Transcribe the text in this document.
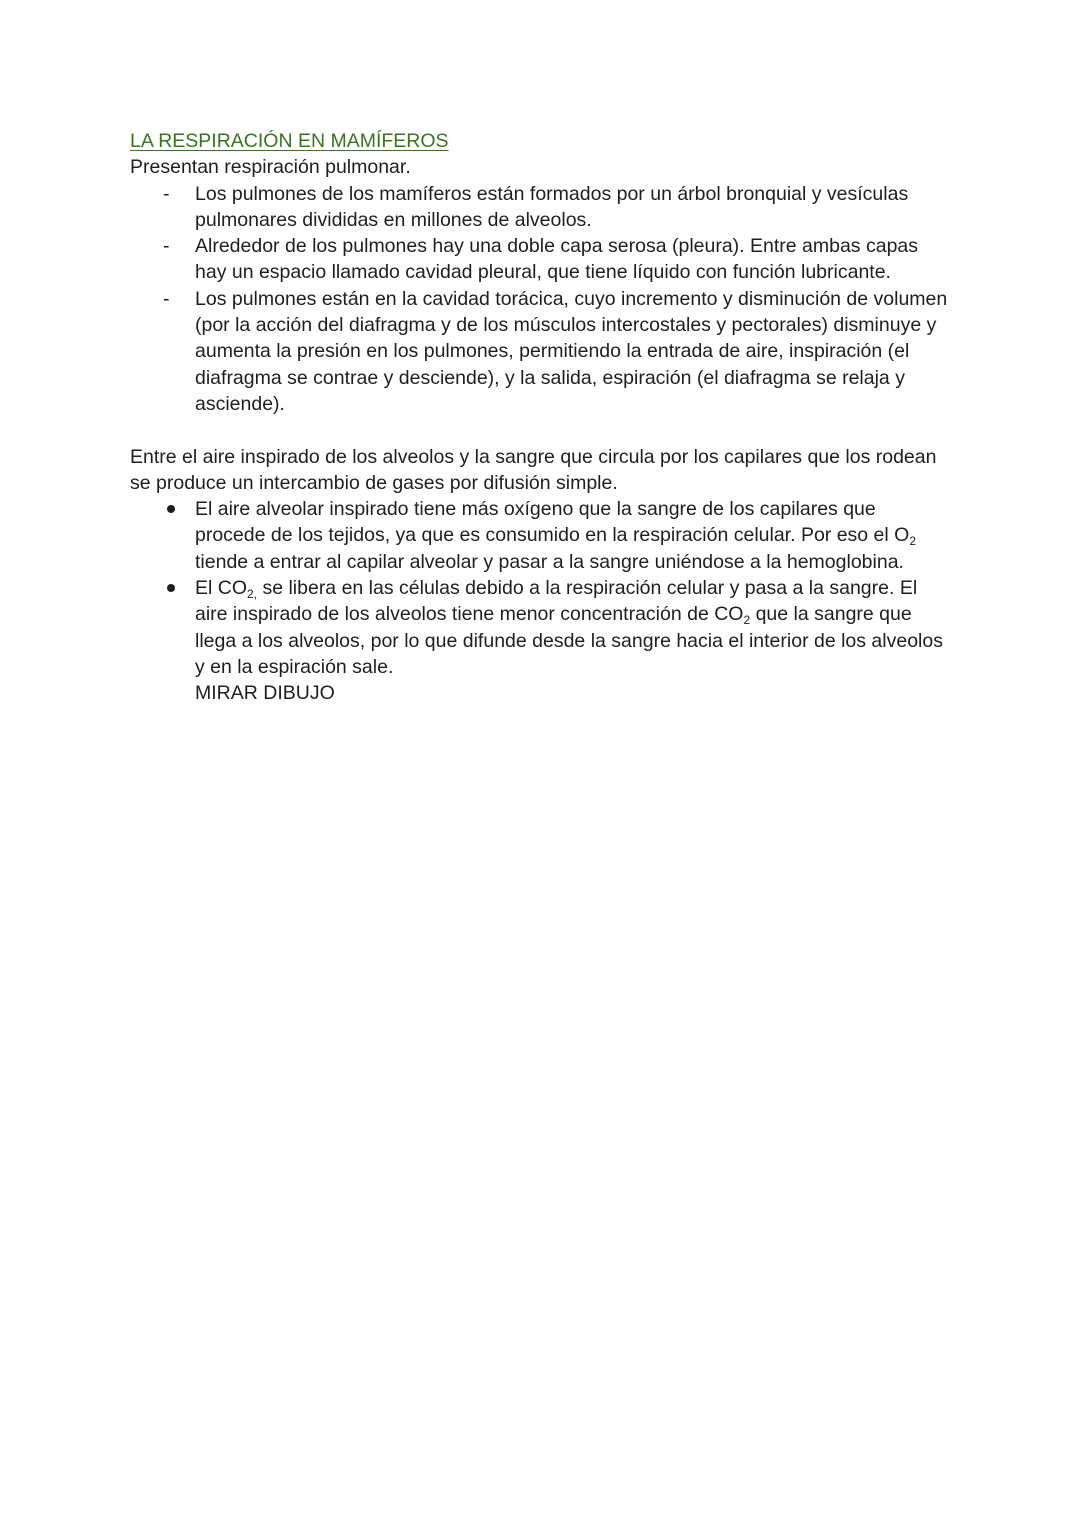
LA RESPIRACIÓN EN MAMÍFEROS

Presentan respiración pulmonar.

- Los pulmones de los mamíferos están formados por un árbol bronquial y vesículas pulmonares divididas en millones de alveolos.
- Alrededor de los pulmones hay una doble capa serosa (pleura). Entre ambas capas hay un espacio llamado cavidad pleural, que tiene líquido con función lubricante.
- Los pulmones están en la cavidad torácica, cuyo incremento y disminución de volumen (por la acción del diafragma y de los músculos intercostales y pectorales) disminuye y aumenta la presión en los pulmones, permitiendo la entrada de aire, inspiración (el diafragma se contrae y desciende), y la salida, espiración (el diafragma se relaja y asciende).

Entre el aire inspirado de los alveolos y la sangre que circula por los capilares que los rodean se produce un intercambio de gases por difusión simple.

El aire alveolar inspirado tiene más oxígeno que la sangre de los capilares que procede de los tejidos, ya que es consumido en la respiración celular. Por eso el $O_2$ tiende a entrar al capilar alveolar y pasar a la sangre uniéndose a la hemoglobina.
El $CO_{2,}$ se libera en las células debido a la respiración celular y pasa a la sangre. El aire inspirado de los alveolos tiene menor concentración de $CO_2$ que la sangre que llega a los alveolos, por lo que difunde desde la sangre hacia el interior de los alveolos y en la espiración sale.
MIRAR DIBUJO
